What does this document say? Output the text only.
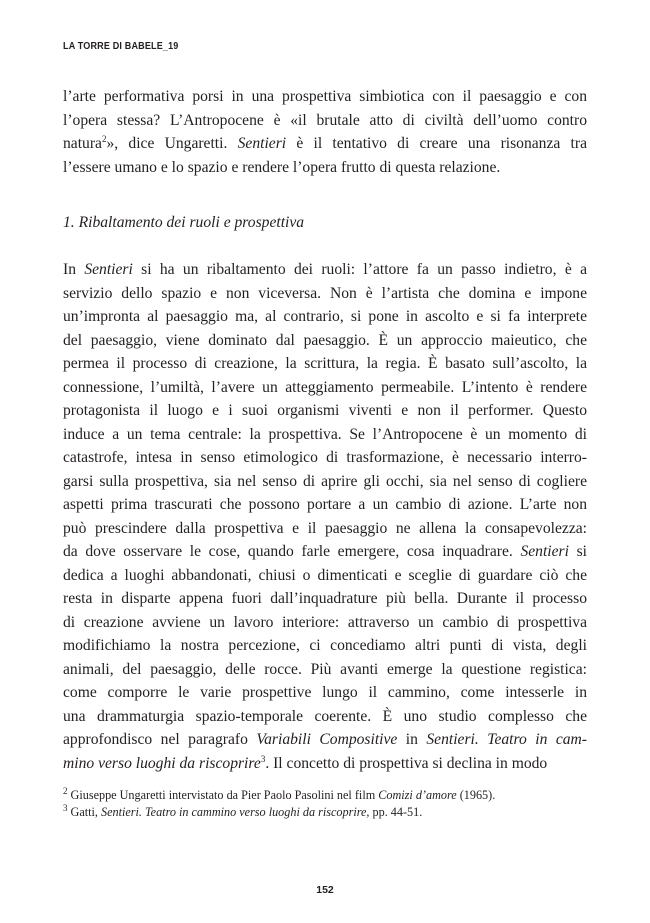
LA TORRE DI BABELE_19
l’arte performativa porsi in una prospettiva simbiotica con il paesaggio e con
l’opera stessa? L’Antropocene è «il brutale atto di civiltà dell’uomo contro
natura$^2$», dice Ungaretti. Sentieri è il tentativo di creare una risonanza tra
l’essere umano e lo spazio e rendere l’opera frutto di questa relazione.
1. Ribaltamento dei ruoli e prospettiva
In Sentieri si ha un ribaltamento dei ruoli: l’attore fa un passo indietro, è a
servizio dello spazio e non viceversa. Non è l’artista che domina e impone
un’impronta al paesaggio ma, al contrario, si pone in ascolto e si fa interprete
del paesaggio, viene dominato dal paesaggio. È un approccio maieutico, che
permea il processo di creazione, la scrittura, la regia. È basato sull’ascolto, la
connessione, l’umiltà, l’avere un atteggiamento permeabile. L’intento è rendere
protagonista il luogo e i suoi organismi viventi e non il performer. Questo
induce a un tema centrale: la prospettiva. Se l’Antropocene è un momento di
catastrofe, intesa in senso etimologico di trasformazione, è necessario interro-
garsi sulla prospettiva, sia nel senso di aprire gli occhi, sia nel senso di cogliere
aspetti prima trascurati che possono portare a un cambio di azione. L’arte non
può prescindere dalla prospettiva e il paesaggio ne allena la consapevolezza:
da dove osservare le cose, quando farle emergere, cosa inquadrare. Sentieri si
dedica a luoghi abbandonati, chiusi o dimenticati e sceglie di guardare ciò che
resta in disparte appena fuori dall’inquadrature più bella. Durante il processo
di creazione avviene un lavoro interiore: attraverso un cambio di prospettiva
modifichiamo la nostra percezione, ci concediamo altri punti di vista, degli
animali, del paesaggio, delle rocce. Più avanti emerge la questione registica:
come comporre le varie prospettive lungo il cammino, come intesserle in
una drammaturgia spazio-temporale coerente. È uno studio complesso che
approfondisco nel paragrafo Variabili Compositive in Sentieri. Teatro in cam-
mino verso luoghi da riscoprire$^3$. Il concetto di prospettiva si declina in modo
$^2$ Giuseppe Ungaretti intervistato da Pier Paolo Pasolini nel film Comizi d’amore (1965).
$^3$ Gatti, Sentieri. Teatro in cammino verso luoghi da riscoprire, pp. 44-51.
152
